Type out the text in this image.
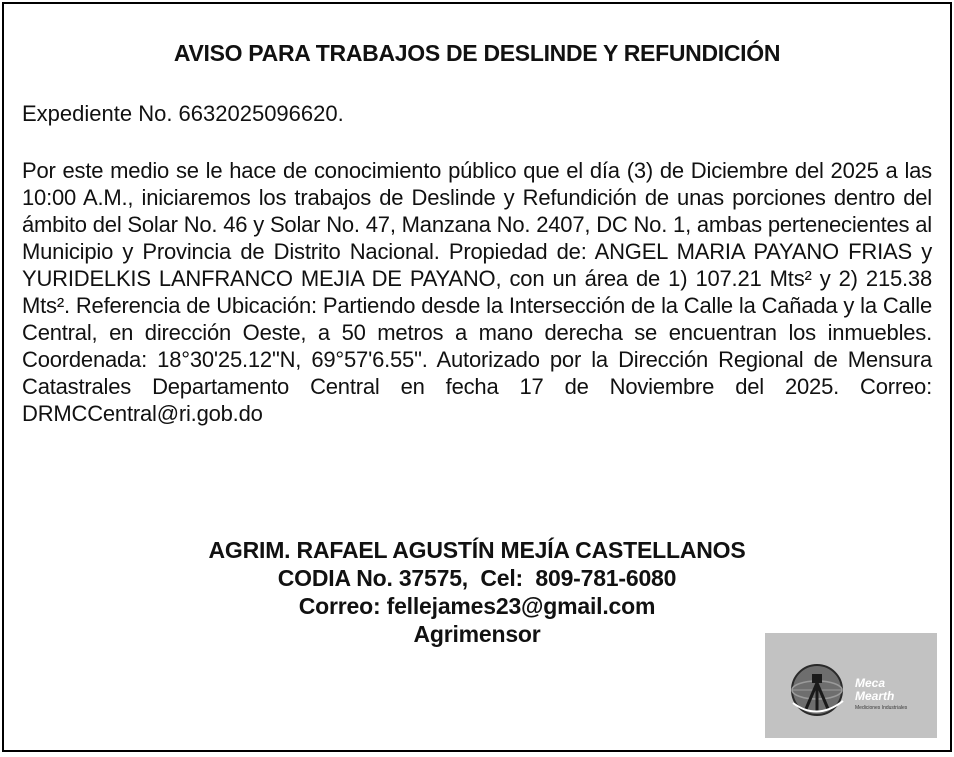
AVISO PARA TRABAJOS DE DESLINDE Y REFUNDICIÓN
Expediente No. 6632025096620.
Por este medio se le hace de conocimiento público que el día (3) de Diciembre del 2025 a las 10:00 A.M., iniciaremos los trabajos de Deslinde y Refundición de unas porciones dentro del ámbito del Solar No. 46 y Solar No. 47, Manzana No. 2407, DC No. 1, ambas pertenecientes al Municipio y Provincia de Distrito Nacional. Propiedad de: ANGEL MARIA PAYANO FRIAS y YURIDELKIS LANFRANCO MEJIA DE PAYANO, con un área de 1) 107.21 Mts² y 2) 215.38 Mts². Referencia de Ubicación: Partiendo desde la Intersección de la Calle la Cañada y la Calle Central, en dirección Oeste, a 50 metros a mano derecha se encuentran los inmuebles. Coordenada: 18°30'25.12"N, 69°57'6.55". Autorizado por la Dirección Regional de Mensura Catastrales Departamento Central en fecha 17 de Noviembre del 2025. Correo: DRMCCentral@ri.gob.do
AGRIM. RAFAEL AGUSTÍN MEJÍA CASTELLANOS
CODIA No. 37575,  Cel:  809-781-6080
Correo: fellejames23@gmail.com
Agrimensor
Meca
Mearth
Mediciones Industriales
